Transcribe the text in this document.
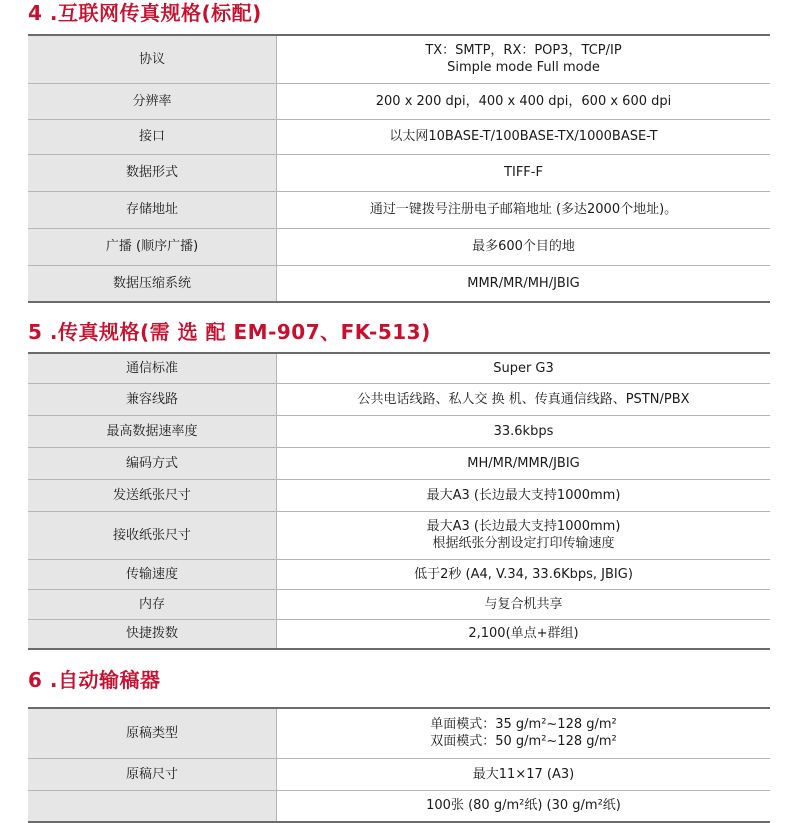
4 .互联网传真规格(标配)
协议	TX：SMTP，RX：POP3，TCP/IP
Simple mode Full mode

分辨率	200 x 200 dpi，400 x 400 dpi，600 x 600 dpi
接口	以太网10BASE-T/100BASE-TX/1000BASE-T
数据形式	TIFF-F
存储地址	通过一键拨号注册电子邮箱地址 (多达2000个地址)。
广播 (顺序广播)	最多600个目的地
数据压缩系统	MMR/MR/MH/JBIG
5 .传真规格(需 选 配 EM-907、FK-513)
通信标准	Super G3
兼容线路	公共电话线路、私人交 换 机、传真通信线路、PSTN/PBX
最高数据速率度	33.6kbps
编码方式	MH/MR/MMR/JBIG
发送纸张尺寸	最大A3 (长边最大支持1000mm)
接收纸张尺寸	最大A3 (长边最大支持1000mm)
根据纸张分割设定打印传输速度

传输速度	低于2秒 (A4, V.34, 33.6Kbps, JBIG)
内存	与复合机共享
快捷拨数	2,100(单点+群组)
6 .自动输稿器
原稿类型	单面模式：35 g/m²~128 g/m²
双面模式：50 g/m²~128 g/m²

原稿尺寸	最大11×17 (A3)
	100张 (80 g/m²纸) (30 g/m²纸)
